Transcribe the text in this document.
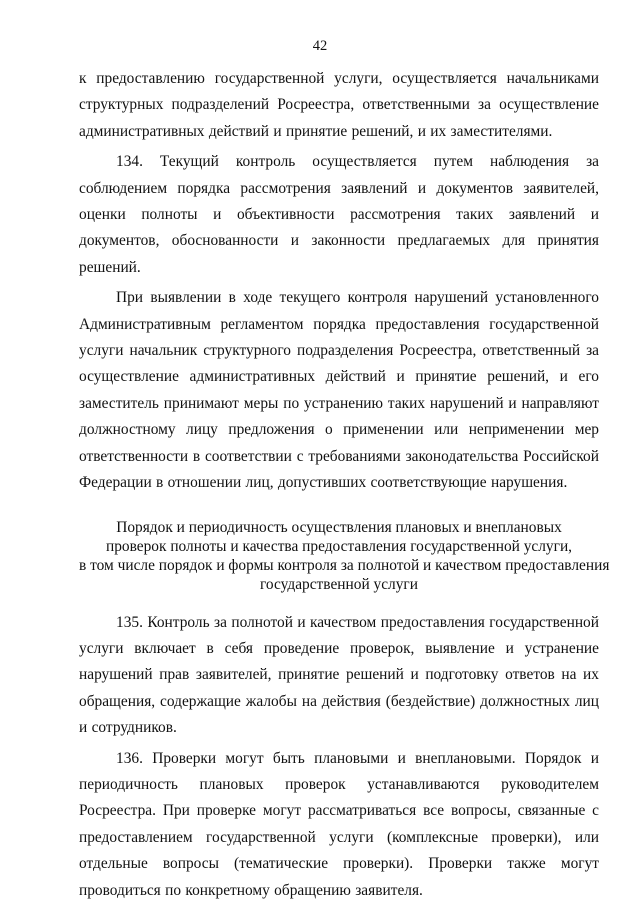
42

к предоставлению государственной услуги, осуществляется начальниками структурных подразделений Росреестра, ответственными за осуществление административных действий и принятие решений, и их заместителями.

134. Текущий контроль осуществляется путем наблюдения за соблюдением порядка рассмотрения заявлений и документов заявителей, оценки полноты и объективности рассмотрения таких заявлений и документов, обоснованности и законности предлагаемых для принятия решений.

При выявлении в ходе текущего контроля нарушений установленного Административным регламентом порядка предоставления государственной услуги начальник структурного подразделения Росреестра, ответственный за осуществление административных действий и принятие решений, и его заместитель принимают меры по устранению таких нарушений и направляют должностному лицу предложения о применении или неприменении мер ответственности в соответствии с требованиями законодательства Российской Федерации в отношении лиц, допустивших соответствующие нарушения.

Порядок и периодичность осуществления плановых и внеплановых
проверок полноты и качества предоставления государственной услуги,
в том числе порядок и формы контроля за полнотой и качеством предоставления
государственной услуги

135. Контроль за полнотой и качеством предоставления государственной услуги включает в себя проведение проверок, выявление и устранение нарушений прав заявителей, принятие решений и подготовку ответов на их обращения, содержащие жалобы на действия (бездействие) должностных лиц и сотрудников.

136. Проверки могут быть плановыми и внеплановыми. Порядок и периодичность плановых проверок устанавливаются руководителем Росреестра. При проверке могут рассматриваться все вопросы, связанные с предоставлением государственной услуги (комплексные проверки), или отдельные вопросы (тематические проверки). Проверки также могут проводиться по конкретному обращению заявителя.
